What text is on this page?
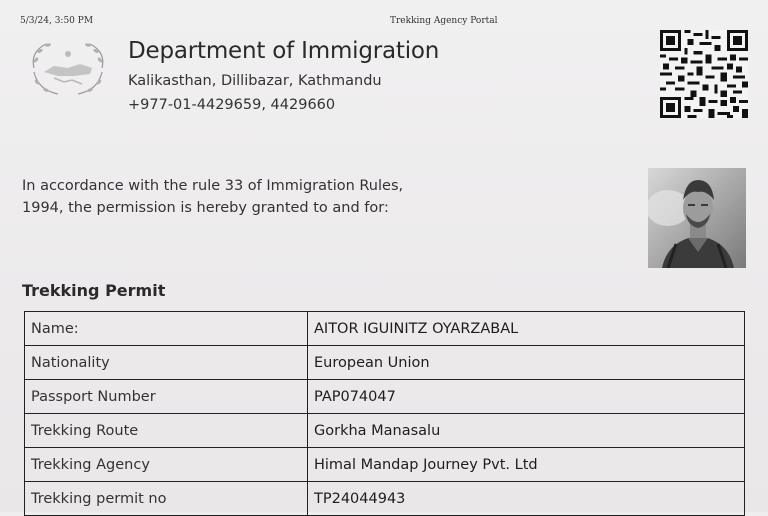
5/3/24, 3:50 PM	Trekking Agency Portal
Department of Immigration
Kalikasthan, Dillibazar, Kathmandu
+977-01-4429659, 4429660
In accordance with the rule 33 of Immigration Rules,
1994, the permission is hereby granted to and for:
Trekking Permit
Name:	AITOR IGUINITZ OYARZABAL
Nationality	European Union
Passport Number	PAP074047
Trekking Route	Gorkha Manasalu
Trekking Agency	Himal Mandap Journey Pvt. Ltd
Trekking permit no	TP24044943
